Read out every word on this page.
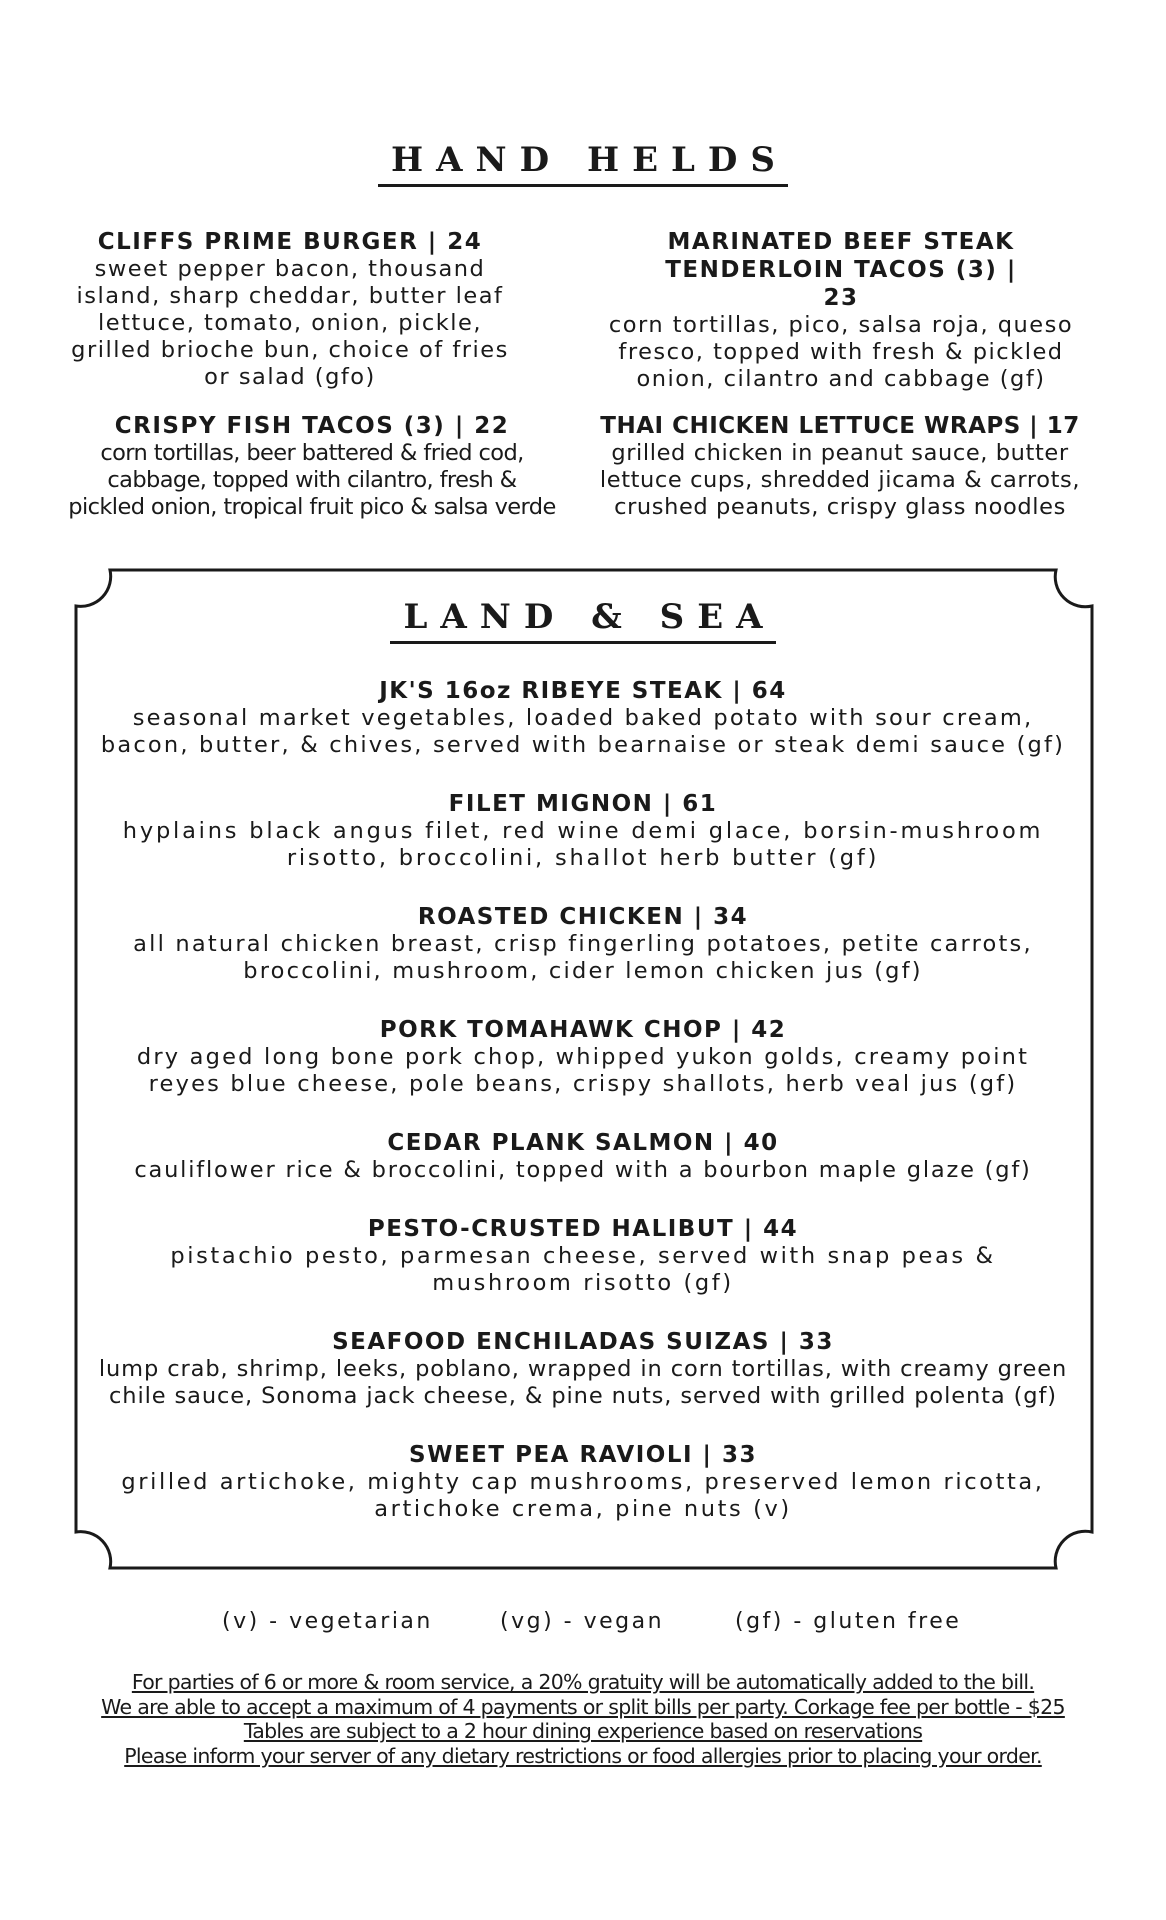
HAND HELDS
CLIFFS PRIME BURGER | 24
sweet pepper bacon, thousand island, sharp cheddar, butter leaf lettuce, tomato, onion, pickle, grilled brioche bun, choice of fries or salad (gfo)
MARINATED BEEF STEAK TENDERLOIN TACOS (3) | 23
corn tortillas, pico, salsa roja, queso fresco, topped with fresh & pickled onion, cilantro and cabbage (gf)
CRISPY FISH TACOS (3) | 22
corn tortillas, beer battered & fried cod, cabbage, topped with cilantro, fresh & pickled onion, tropical fruit pico & salsa verde
THAI CHICKEN LETTUCE WRAPS | 17
grilled chicken in peanut sauce, butter lettuce cups, shredded jicama & carrots, crushed peanuts, crispy glass noodles
LAND & SEA
JK'S 16oz RIBEYE STEAK | 64
seasonal market vegetables, loaded baked potato with sour cream, bacon, butter, & chives, served with bearnaise or steak demi sauce (gf)
FILET MIGNON | 61
hyplains black angus filet, red wine demi glace, borsin-mushroom risotto, broccolini, shallot herb butter (gf)
ROASTED CHICKEN | 34
all natural chicken breast, crisp fingerling potatoes, petite carrots, broccolini, mushroom, cider lemon chicken jus (gf)
PORK TOMAHAWK CHOP | 42
dry aged long bone pork chop, whipped yukon golds, creamy point reyes blue cheese, pole beans, crispy shallots, herb veal jus (gf)
CEDAR PLANK SALMON | 40
cauliflower rice & broccolini, topped with a bourbon maple glaze (gf)
PESTO-CRUSTED HALIBUT | 44
pistachio pesto, parmesan cheese, served with snap peas & mushroom risotto (gf)
SEAFOOD ENCHILADAS SUIZAS | 33
lump crab, shrimp, leeks, poblano, wrapped in corn tortillas, with creamy green chile sauce, Sonoma jack cheese, & pine nuts, served with grilled polenta (gf)
SWEET PEA RAVIOLI | 33
grilled artichoke, mighty cap mushrooms, preserved lemon ricotta, artichoke crema, pine nuts (v)
(v) - vegetarian	(vg) - vegan	(gf) - gluten free
For parties of 6 or more & room service, a 20% gratuity will be automatically added to the bill.
We are able to accept a maximum of 4 payments or split bills per party. Corkage fee per bottle - $25
Tables are subject to a 2 hour dining experience based on reservations
Please inform your server of any dietary restrictions or food allergies prior to placing your order.
